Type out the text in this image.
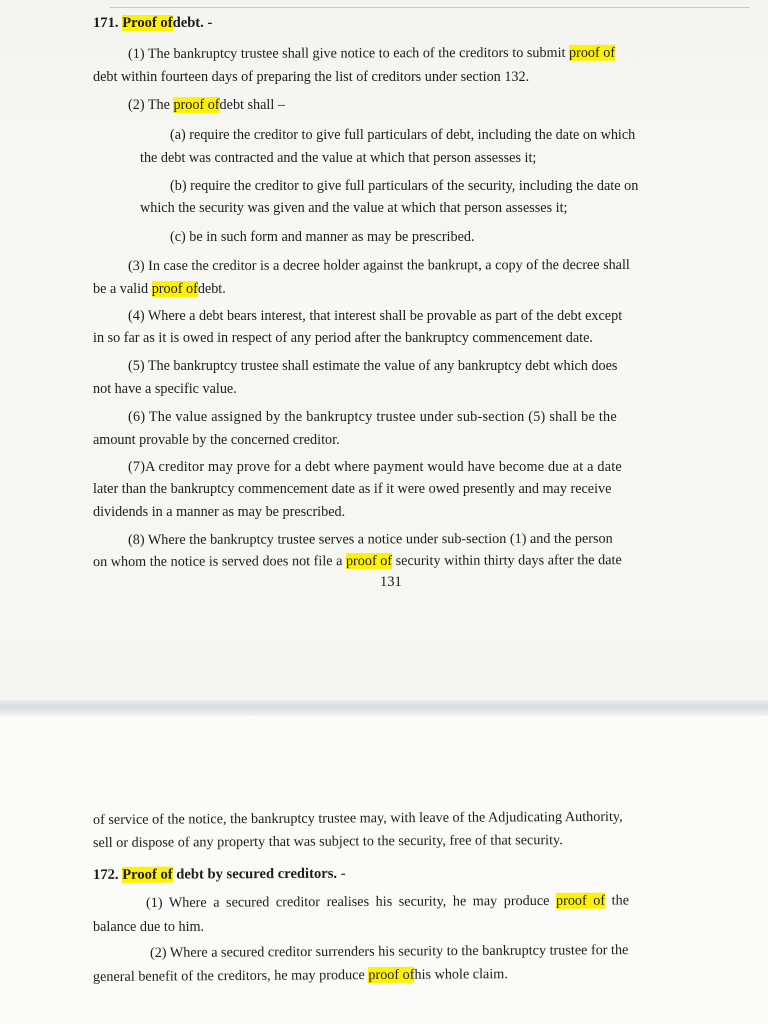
171. Proof ofdebt. -
(1) The bankruptcy trustee shall give notice to each of the creditors to submit proof of
debt within fourteen days of preparing the list of creditors under section 132.
(2) The proof ofdebt shall –
(a) require the creditor to give full particulars of debt, including the date on which
the debt was contracted and the value at which that person assesses it;
(b) require the creditor to give full particulars of the security, including the date on
which the security was given and the value at which that person assesses it;
(c) be in such form and manner as may be prescribed.
(3) In case the creditor is a decree holder against the bankrupt, a copy of the decree shall
be a valid proof ofdebt.
(4) Where a debt bears interest, that interest shall be provable as part of the debt except
in so far as it is owed in respect of any period after the bankruptcy commencement date.
(5) The bankruptcy trustee shall estimate the value of any bankruptcy debt which does
not have a specific value.
(6) The value assigned by the bankruptcy trustee under sub-section (5) shall be the
amount provable by the concerned creditor.
(7)A creditor may prove for a debt where payment would have become due at a date
later than the bankruptcy commencement date as if it were owed presently and may receive
dividends in a manner as may be prescribed.
(8) Where the bankruptcy trustee serves a notice under sub-section (1) and the person
on whom the notice is served does not file a proof of security within thirty days after the date
131
of service of the notice, the bankruptcy trustee may, with leave of the Adjudicating Authority,
sell or dispose of any property that was subject to the security, free of that security.
172. Proof of debt by secured creditors. -
(1) Where a secured creditor realises his security, he may produce proof of the
balance due to him.
(2) Where a secured creditor surrenders his security to the bankruptcy trustee for the
general benefit of the creditors, he may produce proof ofhis whole claim.
